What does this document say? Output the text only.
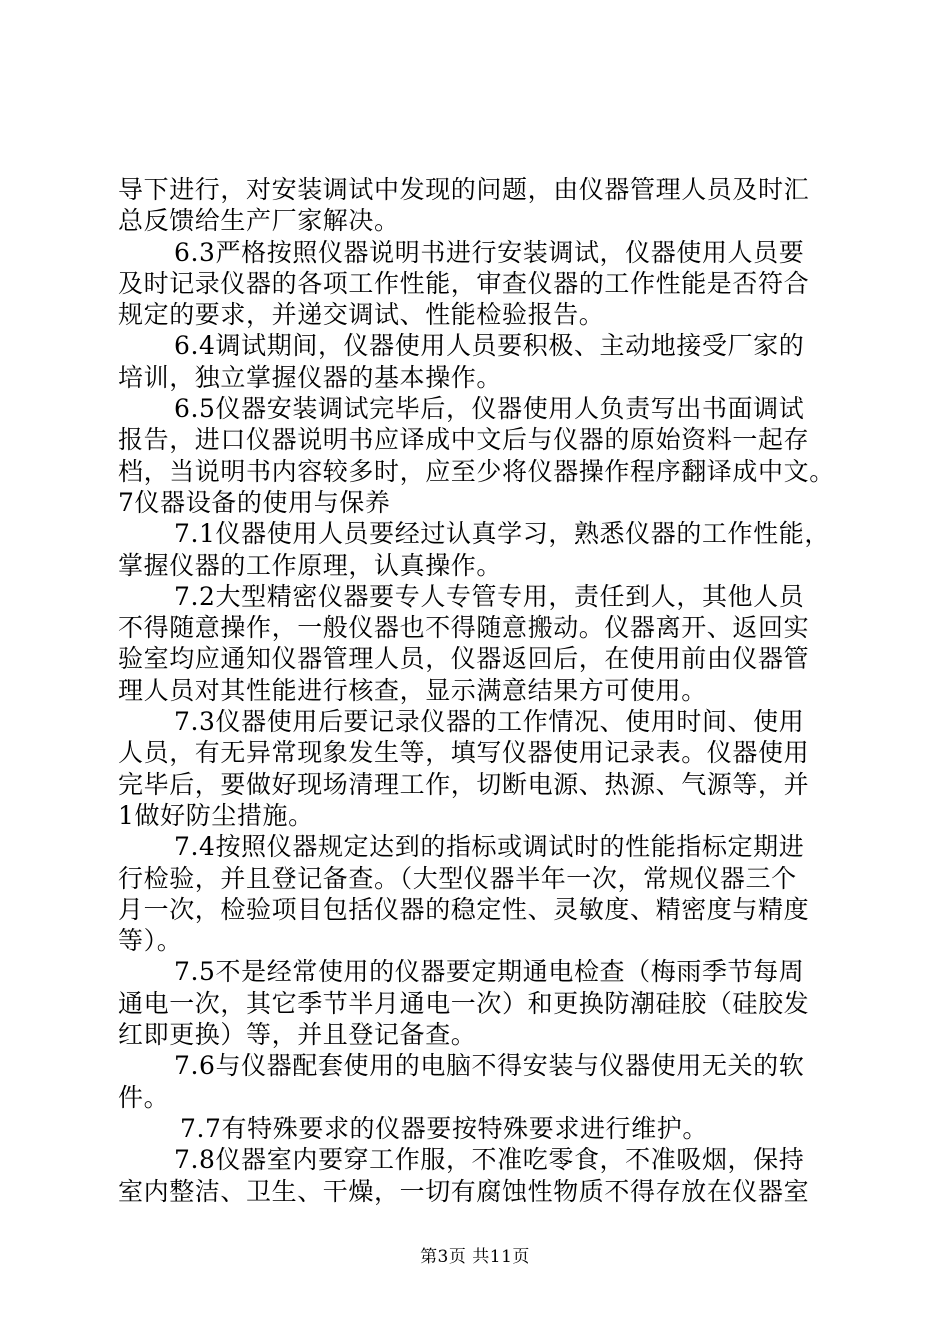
导下进行，对安装调试中发现的问题，由仪器管理人员及时汇
总反馈给生产厂家解决。
6.3严格按照仪器说明书进行安装调试，仪器使用人员要
及时记录仪器的各项工作性能，审查仪器的工作性能是否符合
规定的要求，并递交调试、性能检验报告。
6.4调试期间，仪器使用人员要积极、主动地接受厂家的
培训，独立掌握仪器的基本操作。
6.5仪器安装调试完毕后，仪器使用人负责写出书面调试
报告，进口仪器说明书应译成中文后与仪器的原始资料一起存
档，当说明书内容较多时，应至少将仪器操作程序翻译成中文。
7仪器设备的使用与保养
7.1仪器使用人员要经过认真学习，熟悉仪器的工作性能，
掌握仪器的工作原理，认真操作。
7.2大型精密仪器要专人专管专用，责任到人，其他人员
不得随意操作，一般仪器也不得随意搬动。仪器离开、返回实
验室均应通知仪器管理人员，仪器返回后，在使用前由仪器管
理人员对其性能进行核查，显示满意结果方可使用。
7.3仪器使用后要记录仪器的工作情况、使用时间、使用
人员，有无异常现象发生等，填写仪器使用记录表。仪器使用
完毕后，要做好现场清理工作，切断电源、热源、气源等，并
1做好防尘措施。
7.4按照仪器规定达到的指标或调试时的性能指标定期进
行检验，并且登记备查。（大型仪器半年一次，常规仪器三个
月一次，检验项目包括仪器的稳定性、灵敏度、精密度与精度
等）。
7.5不是经常使用的仪器要定期通电检查（梅雨季节每周
通电一次，其它季节半月通电一次）和更换防潮硅胶（硅胶发
红即更换）等，并且登记备查。
7.6与仪器配套使用的电脑不得安装与仪器使用无关的软
件。
7.7有特殊要求的仪器要按特殊要求进行维护。
7.8仪器室内要穿工作服，不准吃零食，不准吸烟，保持
室内整洁、卫生、干燥，一切有腐蚀性物质不得存放在仪器室
第3页 共11页
